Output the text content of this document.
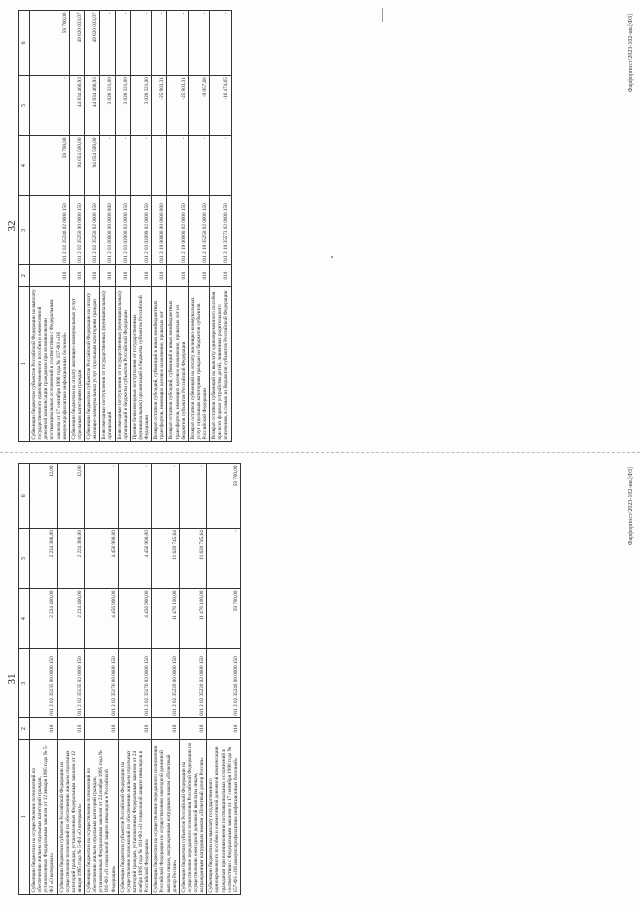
32
1	2	3	4	5	6
Субвенции бюджетам субъектов Российской Федерации на выплату государственного единовременного пособия и ежемесячной денежной компенсации гражданам при возникновении поствакцинальных осложнений в соответствии с Федеральным законом от 17 сентября 1998 года № 157-ФЗ «Об иммунопрофилактике инфекционных болезней»	010	011 2 02 35240 02 0000 150	59 700,00	-	59 700,00
Субвенции бюджетам на оплату жилищно-коммунальных услуг отдельным категориям граждан	010	011 2 02 35250 00 0000 150	94 654 500,00	44 834 466,93	49 820 033,07
Субвенции бюджетам субъектов Российской Федерации на оплату жилищно-коммунальных услуг отдельным категориям граждан	010	011 2 02 35250 02 0000 150	94 654 500,00	44 834 466,93	49 820 033,07
Безвозмездные поступления от государственных (муниципальных) организаций	010	011 2 03 00000 00 0000 000	-	3 028 321,00	-
Безвозмездные поступления от государственных (муниципальных) организаций в бюджеты субъектов Российской Федерации	010	011 2 03 02000 02 0000 150	-	3 028 321,00	-
Прочие безвозмездные поступления от государственных (муниципальных) организаций в бюджеты субъектов Российской Федерации	010	011 2 03 02099 02 0000 150	-	3 028 321,00	-
Возврат остатков субсидий, субвенций и иных межбюджетных трансфертов, имеющих целевое назначение, прошлых лет	010	011 2 19 00000 00 0000 000	-	-25 903,31	-
Возврат остатков субсидий, субвенций и иных межбюджетных трансфертов, имеющих целевое назначение, прошлых лет из бюджетов субъектов Российской Федерации	010	011 2 19 00000 02 0000 150	-	-25 903,31	-
Возврат остатков субвенций на оплату жилищно-коммунальных услуг отдельным категориям граждан из бюджетов субъектов Российской Федерации	010	011 2 19 35250 02 0000 150	-	-9 957,66	-
Возврат остатков субвенций на выплату единовременного пособия при всех формах устройства детей, лишенных родительского попечения, в семью из бюджетов субъектов Российской Федерации	010	011 2 19 35573 02 0000 150	-	-16 474,65	-
Фарфорпост/2023-102-ии.[ФЗ]
31
1	2	3	4	5	6
Субвенции бюджетам на осуществление полномочий по обеспечению жильем отдельных категорий граждан, установленных Федеральным законом от 12 января 1995 года № 5-ФЗ «О ветеранах»	010	011 2 02 35135 00 0000 150	2 224 400,00	2 224 388,00	12,00
Субвенции бюджетам субъектов Российской Федерации на осуществление полномочий по обеспечению жильем отдельных категорий граждан, установленных Федеральным законом от 12 января 1995 года № 5-ФЗ «О ветеранах»	010	011 2 02 35135 02 0000 150	2 224 400,00	2 224 388,00	12,00
Субвенции бюджетам на осуществление полномочий по обеспечению жильем отдельных категорий граждан, установленных Федеральным законом от 24 ноября 1995 года № 181-ФЗ «О социальной защите инвалидов в Российской Федерации»	010	011 2 02 35176 00 0000 150	4 456 900,00	4 456 900,00	-
Субвенции бюджетам субъектов Российской Федерации на осуществление полномочий по обеспечению жильем отдельных категорий граждан, установленных Федеральным законом от 24 ноября 1995 года № 181-ФЗ «О социальной защите инвалидов в Российской Федерации»	010	011 2 02 35176 02 0000 150	4 456 900,00	4 456 900,00	-
Субвенции бюджетам на осуществление переданного полномочия Российской Федерации по осуществлению ежегодной денежной выплаты лицам, награжденным нагрудным знаком «Почетный донор России»	010	011 2 02 35220 00 0000 150	11 476 100,00	11 620 745,64	-
Субвенции бюджетам субъектов Российской Федерации на осуществление переданного полномочия Российской Федерации по осуществлению ежегодной денежной выплаты лицам, награжденным нагрудным знаком «Почетный донор России»	010	011 2 02 35220 02 0000 150	11 476 100,00	11 620 745,64	-
Субвенции бюджетам на выплату государственного единовременного пособия и ежемесячной денежной компенсации гражданам при возникновении поствакцинальных осложнений в соответствии с Федеральным законом от 17 сентября 1998 года № 157-ФЗ «Об иммунопрофилактике инфекционных болезней»	010	011 2 02 35240 00 0000 150	59 700,00	-	59 700,00	Фарфорпост/2023-102-ии.[ФЗ]
